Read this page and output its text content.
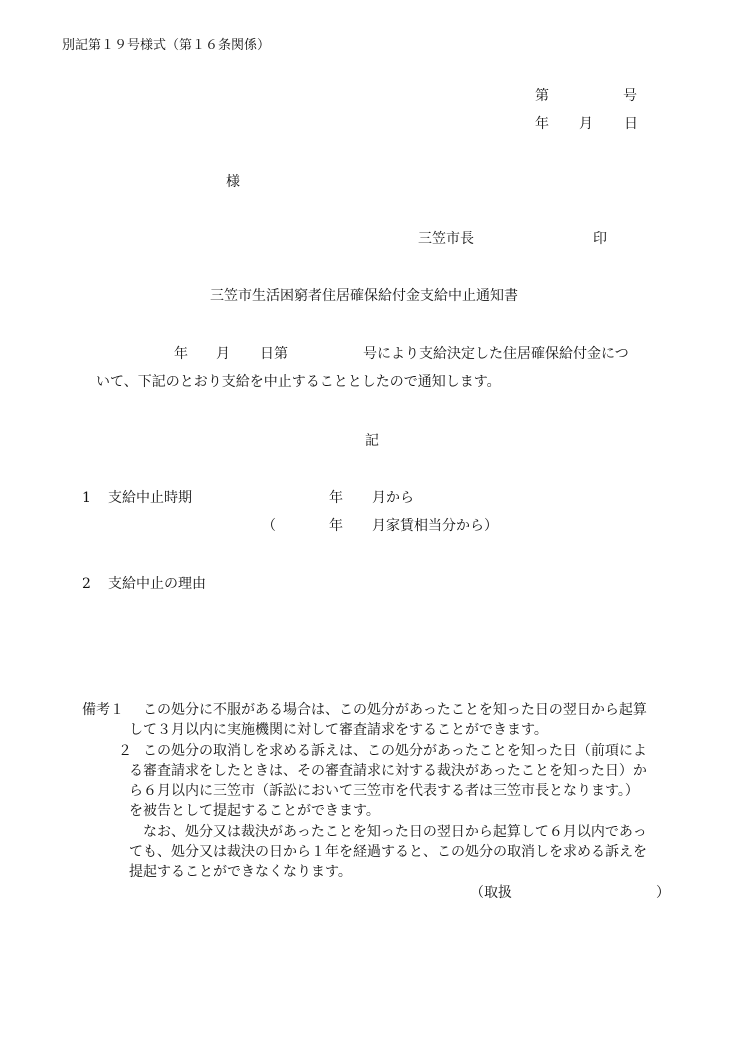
別記第１９号様式（第１６条関係）
第	号
年 月 日
様
三笠市長	印
三笠市生活困窮者住居確保給付金支給中止通知書
年 月 日第	号により支給決定した住居確保給付金につ
いて、下記のとおり支給を中止することとしたので通知します。
記
1 支給中止時期	年 月から
（	年 月家賃相当分から）
2 支給中止の理由
備考１ この処分に不服がある場合は、この処分があったことを知った日の翌日から起算
して３月以内に実施機関に対して審査請求をすることができます。
２ この処分の取消しを求める訴えは、この処分があったことを知った日（前項によ
る審査請求をしたときは、その審査請求に対する裁決があったことを知った日）か
ら６月以内に三笠市（訴訟において三笠市を代表する者は三笠市長となります。）
を被告として提起することができます。
なお、処分又は裁決があったことを知った日の翌日から起算して６月以内であっ
ても、処分又は裁決の日から１年を経過すると、この処分の取消しを求める訴えを
提起することができなくなります。
（取扱	）
